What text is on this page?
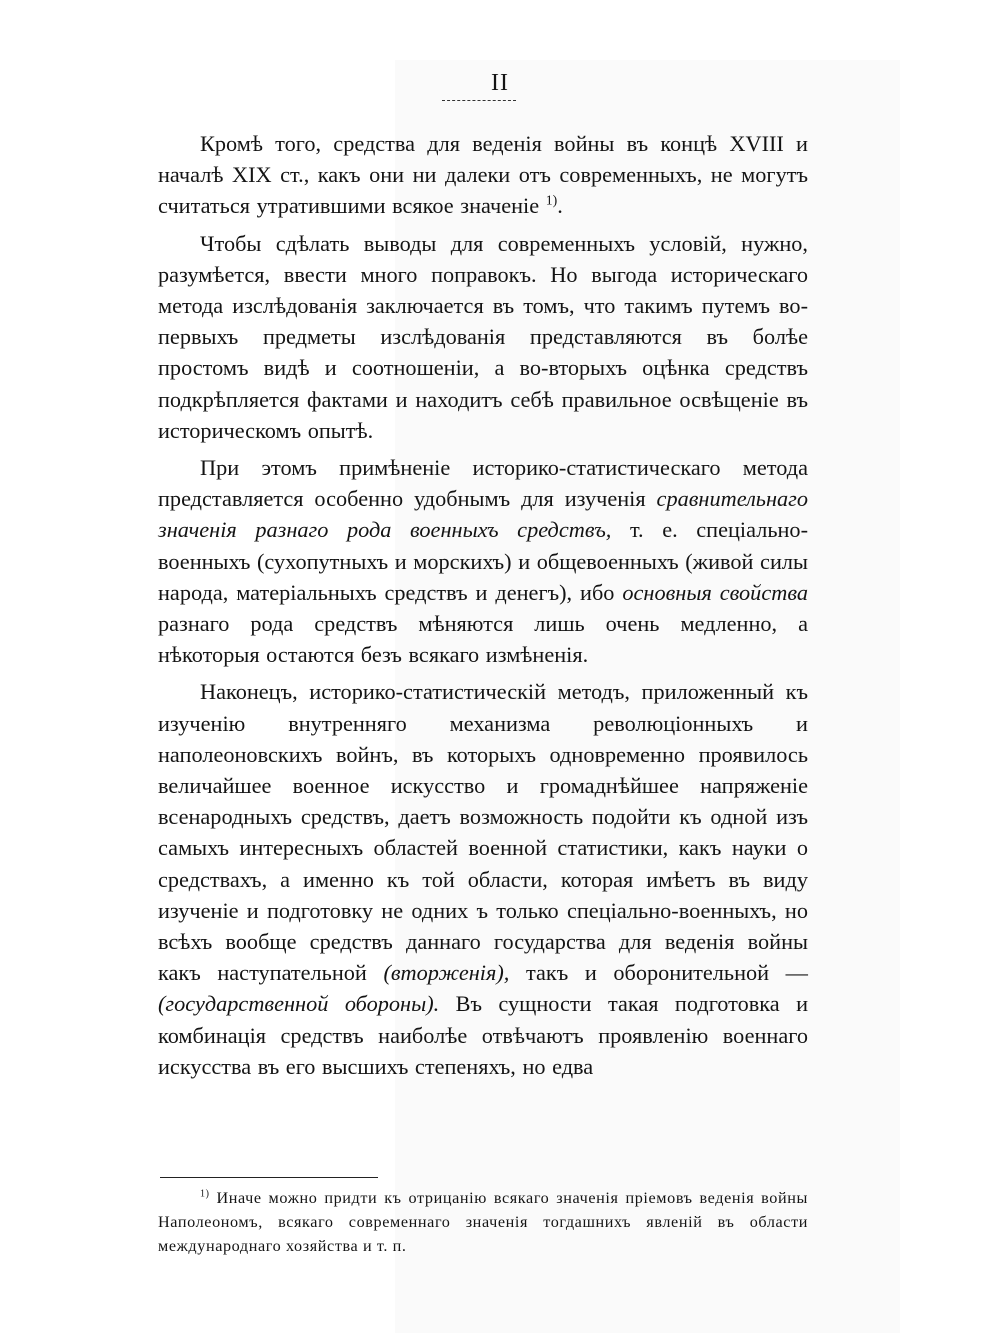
II

Кромѣ того, средства для веденія войны въ концѣ XVIII и началѣ XIX ст., какъ они ни далеки отъ современныхъ, не могутъ считаться утратившими всякое значеніе $^{1)}$.

Чтобы сдѣлать выводы для современныхъ условій, нужно, разумѣется, ввести много поправокъ. Но выгода историческаго метода изслѣдованія заключается въ томъ, что такимъ путемъ во-первыхъ предметы изслѣдованія представляются въ болѣе простомъ видѣ и соотношеніи, а во-вторыхъ оцѣнка средствъ подкрѣпляется фактами и находитъ себѣ правильное освѣщеніе въ историческомъ опытѣ.

При этомъ примѣненіе историко-статистическаго метода представляется особенно удобнымъ для изученія сравнительнаго значенія разнаго рода военныхъ средствъ, т. е. спеціально-военныхъ (сухопутныхъ и морскихъ) и общевоенныхъ (живой силы народа, матеріальныхъ средствъ и денегъ), ибо основныя свойства разнаго рода средствъ мѣняются лишь очень медленно, а нѣкоторыя остаются безъ всякаго измѣненія.

Наконецъ, историко-статистическій методъ, приложенный къ изученію внутренняго механизма революціонныхъ и наполеоновскихъ войнъ, въ которыхъ одновременно проявилось величайшее военное искусство и громаднѣйшее напряженіе всенародныхъ средствъ, даетъ возможность подойти къ одной изъ самыхъ интересныхъ областей военной статистики, какъ науки о средствахъ, а именно къ той области, которая имѣетъ въ виду изученіе и подготовку не одних ъ только спеціально-военныхъ, но всѣхъ вообще средствъ даннаго государства для веденія войны какъ наступательной (вторженія), такъ и оборонительной — (государственной обороны). Въ сущности такая подготовка и комбинація средствъ наиболѣе отвѣчаютъ проявленію военнаго искусства въ его высшихъ степеняхъ, но едва

$^{1)}$ Иначе можно придти къ отрицанію всякаго значенія пріемовъ веденія войны Наполеономъ, всякаго современнаго значенія тогдашнихъ явленій въ области международнаго хозяйства и т. п.
